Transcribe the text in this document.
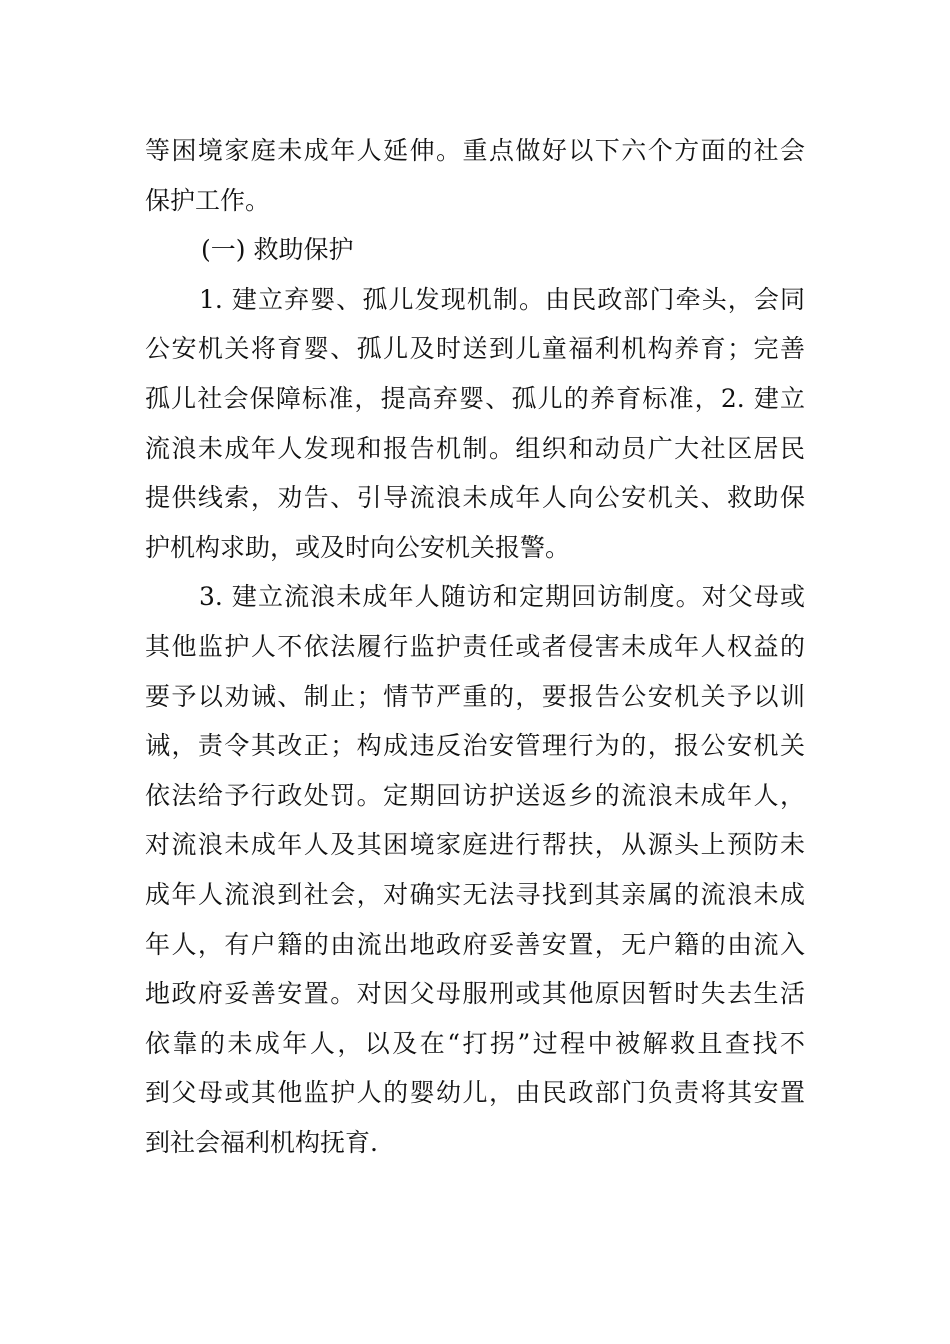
等困境家庭未成年人延伸。重点做好以下六个方面的社会
保护工作。
(一) 救助保护
1. 建立弃婴、孤儿发现机制。由民政部门牵头，会同
公安机关将育婴、孤儿及时送到儿童福利机构养育；完善
孤儿社会保障标准，提高弃婴、孤儿的养育标准，2. 建立
流浪未成年人发现和报告机制。组织和动员广大社区居民
提供线索，劝告、引导流浪未成年人向公安机关、救助保
护机构求助，或及时向公安机关报警。
3. 建立流浪未成年人随访和定期回访制度。对父母或
其他监护人不依法履行监护责任或者侵害未成年人权益的
要予以劝诫、制止；情节严重的，要报告公安机关予以训
诫，责令其改正；构成违反治安管理行为的，报公安机关
依法给予行政处罚。定期回访护送返乡的流浪未成年人，
对流浪未成年人及其困境家庭进行帮扶，从源头上预防未
成年人流浪到社会，对确实无法寻找到其亲属的流浪未成
年人，有户籍的由流出地政府妥善安置，无户籍的由流入
地政府妥善安置。对因父母服刑或其他原因暂时失去生活
依靠的未成年人，以及在“打拐”过程中被解救且查找不
到父母或其他监护人的婴幼儿，由民政部门负责将其安置
到社会福利机构抚育.
